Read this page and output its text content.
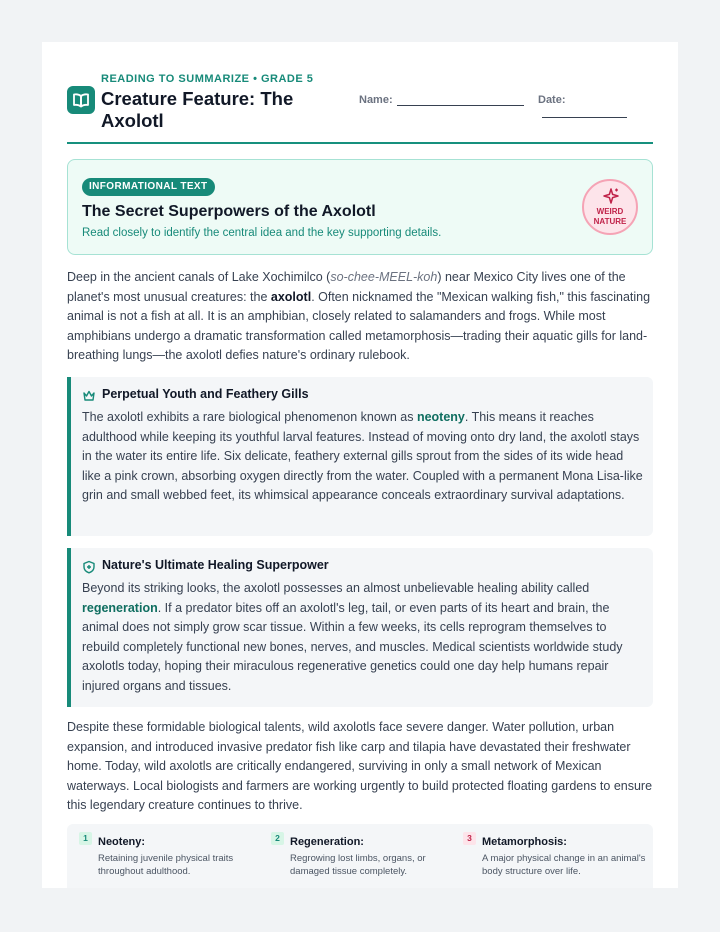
READING TO SUMMARIZE • GRADE 5
Creature Feature: The Axolotl
Name:	Date:
INFORMATIONAL TEXT
The Secret Superpowers of the Axolotl
Read closely to identify the central idea and the key supporting details.
WEIRD
NATURE

Deep in the ancient canals of Lake Xochimilco (so-chee-MEEL-koh) near Mexico City lives one of the planet's most unusual creatures: the axolotl. Often nicknamed the "Mexican walking fish," this fascinating animal is not a fish at all. It is an amphibian, closely related to salamanders and frogs. While most amphibians undergo a dramatic transformation called metamorphosis—trading their aquatic gills for land-breathing lungs—the axolotl defies nature's ordinary rulebook.

Perpetual Youth and Feathery Gills

The axolotl exhibits a rare biological phenomenon known as neoteny. This means it reaches adulthood while keeping its youthful larval features. Instead of moving onto dry land, the axolotl stays in the water its entire life. Six delicate, feathery external gills sprout from the sides of its wide head like a pink crown, absorbing oxygen directly from the water. Coupled with a permanent Mona Lisa-like grin and small webbed feet, its whimsical appearance conceals extraordinary survival adaptations.

Nature's Ultimate Healing Superpower

Beyond its striking looks, the axolotl possesses an almost unbelievable healing ability called regeneration. If a predator bites off an axolotl's leg, tail, or even parts of its heart and brain, the animal does not simply grow scar tissue. Within a few weeks, its cells reprogram themselves to rebuild completely functional new bones, nerves, and muscles. Medical scientists worldwide study axolotls today, hoping their miraculous regenerative genetics could one day help humans repair injured organs and tissues.

Despite these formidable biological talents, wild axolotls face severe danger. Water pollution, urban expansion, and introduced invasive predator fish like carp and tilapia have devastated their freshwater home. Today, wild axolotls are critically endangered, surviving in only a small network of Mexican waterways. Local biologists and farmers are working urgently to build protected floating gardens to ensure this legendary creature continues to thrive.

1 Neoteny:
Retaining juvenile physical traits throughout adulthood.
2 Regeneration:
Regrowing lost limbs, organs, or damaged tissue completely.
3 Metamorphosis:
A major physical change in an animal's body structure over life.
